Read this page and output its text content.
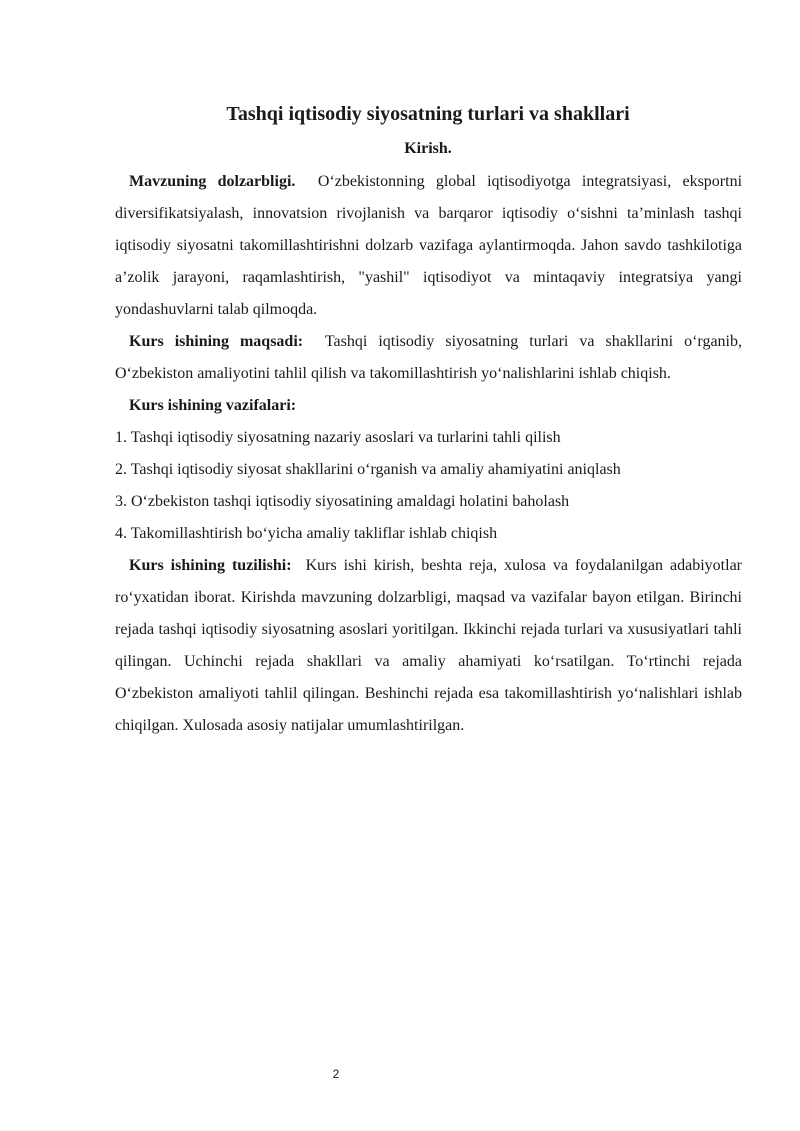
Tashqi iqtisodiy siyosatning turlari va shakllari
Kirish.

Mavzuning dolzarbligi. O‘zbekistonning global iqtisodiyotga integratsiyasi, eksportni diversifikatsiyalash, innovatsion rivojlanish va barqaror iqtisodiy o‘sishni ta’minlash tashqi iqtisodiy siyosatni takomillashtirishni dolzarb vazifaga aylantirmoqda. Jahon savdo tashkilotiga a’zolik jarayoni, raqamlashtirish, "yashil" iqtisodiyot va mintaqaviy integratsiya yangi yondashuvlarni talab qilmoqda.

Kurs ishining maqsadi: Tashqi iqtisodiy siyosatning turlari va shakllarini o‘rganib, O‘zbekiston amaliyotini tahlil qilish va takomillashtirish yo‘nalishlarini ishlab chiqish.

Kurs ishining vazifalari:

1. Tashqi iqtisodiy siyosatning nazariy asoslari va turlarini tahli qilish
2. Tashqi iqtisodiy siyosat shakllarini o‘rganish va amaliy ahamiyatini aniqlash
3. O‘zbekiston tashqi iqtisodiy siyosatining amaldagi holatini baholash
4. Takomillashtirish bo‘yicha amaliy takliflar ishlab chiqish

Kurs ishining tuzilishi: Kurs ishi kirish, beshta reja, xulosa va foydalanilgan adabiyotlar ro‘yxatidan iborat. Kirishda mavzuning dolzarbligi, maqsad va vazifalar bayon etilgan. Birinchi rejada tashqi iqtisodiy siyosatning asoslari yoritilgan. Ikkinchi rejada turlari va xususiyatlari tahli qilingan. Uchinchi rejada shakllari va amaliy ahamiyati ko‘rsatilgan. To‘rtinchi rejada O‘zbekiston amaliyoti tahlil qilingan. Beshinchi rejada esa takomillashtirish yo‘nalishlari ishlab chiqilgan. Xulosada asosiy natijalar umumlashtirilgan.

2
